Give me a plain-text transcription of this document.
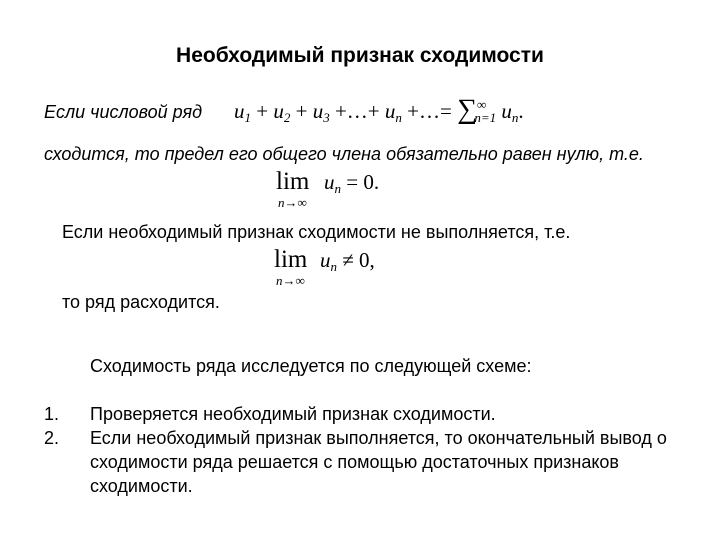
Необходимый признак сходимости
Если числовой ряд $u_1 + u_2 + u_3$ +…+ $u_n$ +…= $\sum^\infty_{n=1}$ $u_n$.
сходится, то предел его общего члена обязательно равен нулю, т.е.
lim
n→∞
$u_n = 0$.
Если необходимый признак сходимости не выполняется, т.е.
lim
n→∞
$u_n \ne 0$,
то ряд расходится.
Сходимость ряда исследуется по следующей схеме:
1.	Проверяется необходимый признак сходимости.
2.	Если необходимый признак выполняется, то окончательный вывод о сходимости ряда решается с помощью достаточных признаков сходимости.
